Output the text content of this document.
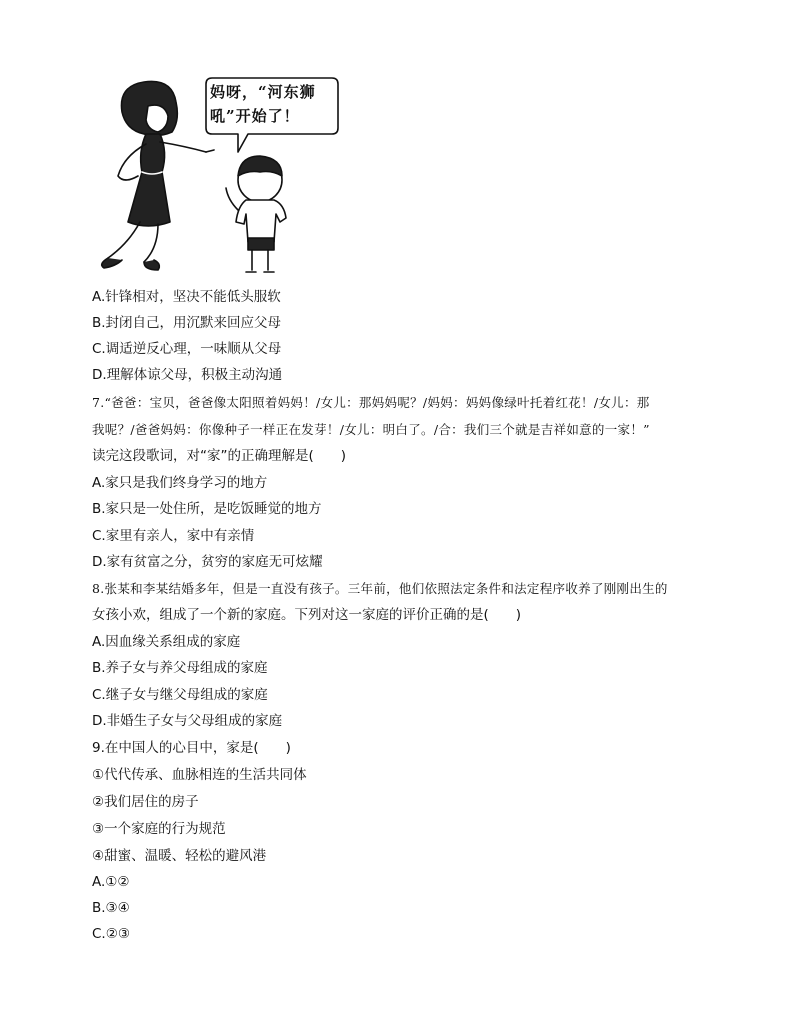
妈呀，“河东狮
吼”开始了！
A.针锋相对，坚决不能低头服软
B.封闭自己，用沉默来回应父母
C.调适逆反心理，一味顺从父母
D.理解体谅父母，积极主动沟通
7.“爸爸：宝贝，爸爸像太阳照着妈妈！/女儿：那妈妈呢？/妈妈：妈妈像绿叶托着红花！/女儿：那
我呢？/爸爸妈妈：你像种子一样正在发芽！/女儿：明白了。/合：我们三个就是吉祥如意的一家！”
读完这段歌词，对“家”的正确理解是(　　)
A.家只是我们终身学习的地方
B.家只是一处住所，是吃饭睡觉的地方
C.家里有亲人，家中有亲情
D.家有贫富之分，贫穷的家庭无可炫耀
8.张某和李某结婚多年，但是一直没有孩子。三年前，他们依照法定条件和法定程序收养了刚刚出生的
女孩小欢，组成了一个新的家庭。下列对这一家庭的评价正确的是(　　)
A.因血缘关系组成的家庭
B.养子女与养父母组成的家庭
C.继子女与继父母组成的家庭
D.非婚生子女与父母组成的家庭
9.在中国人的心目中，家是(　　)
①代代传承、血脉相连的生活共同体
②我们居住的房子
③一个家庭的行为规范
④甜蜜、温暖、轻松的避风港
A.①②
B.③④
C.②③
